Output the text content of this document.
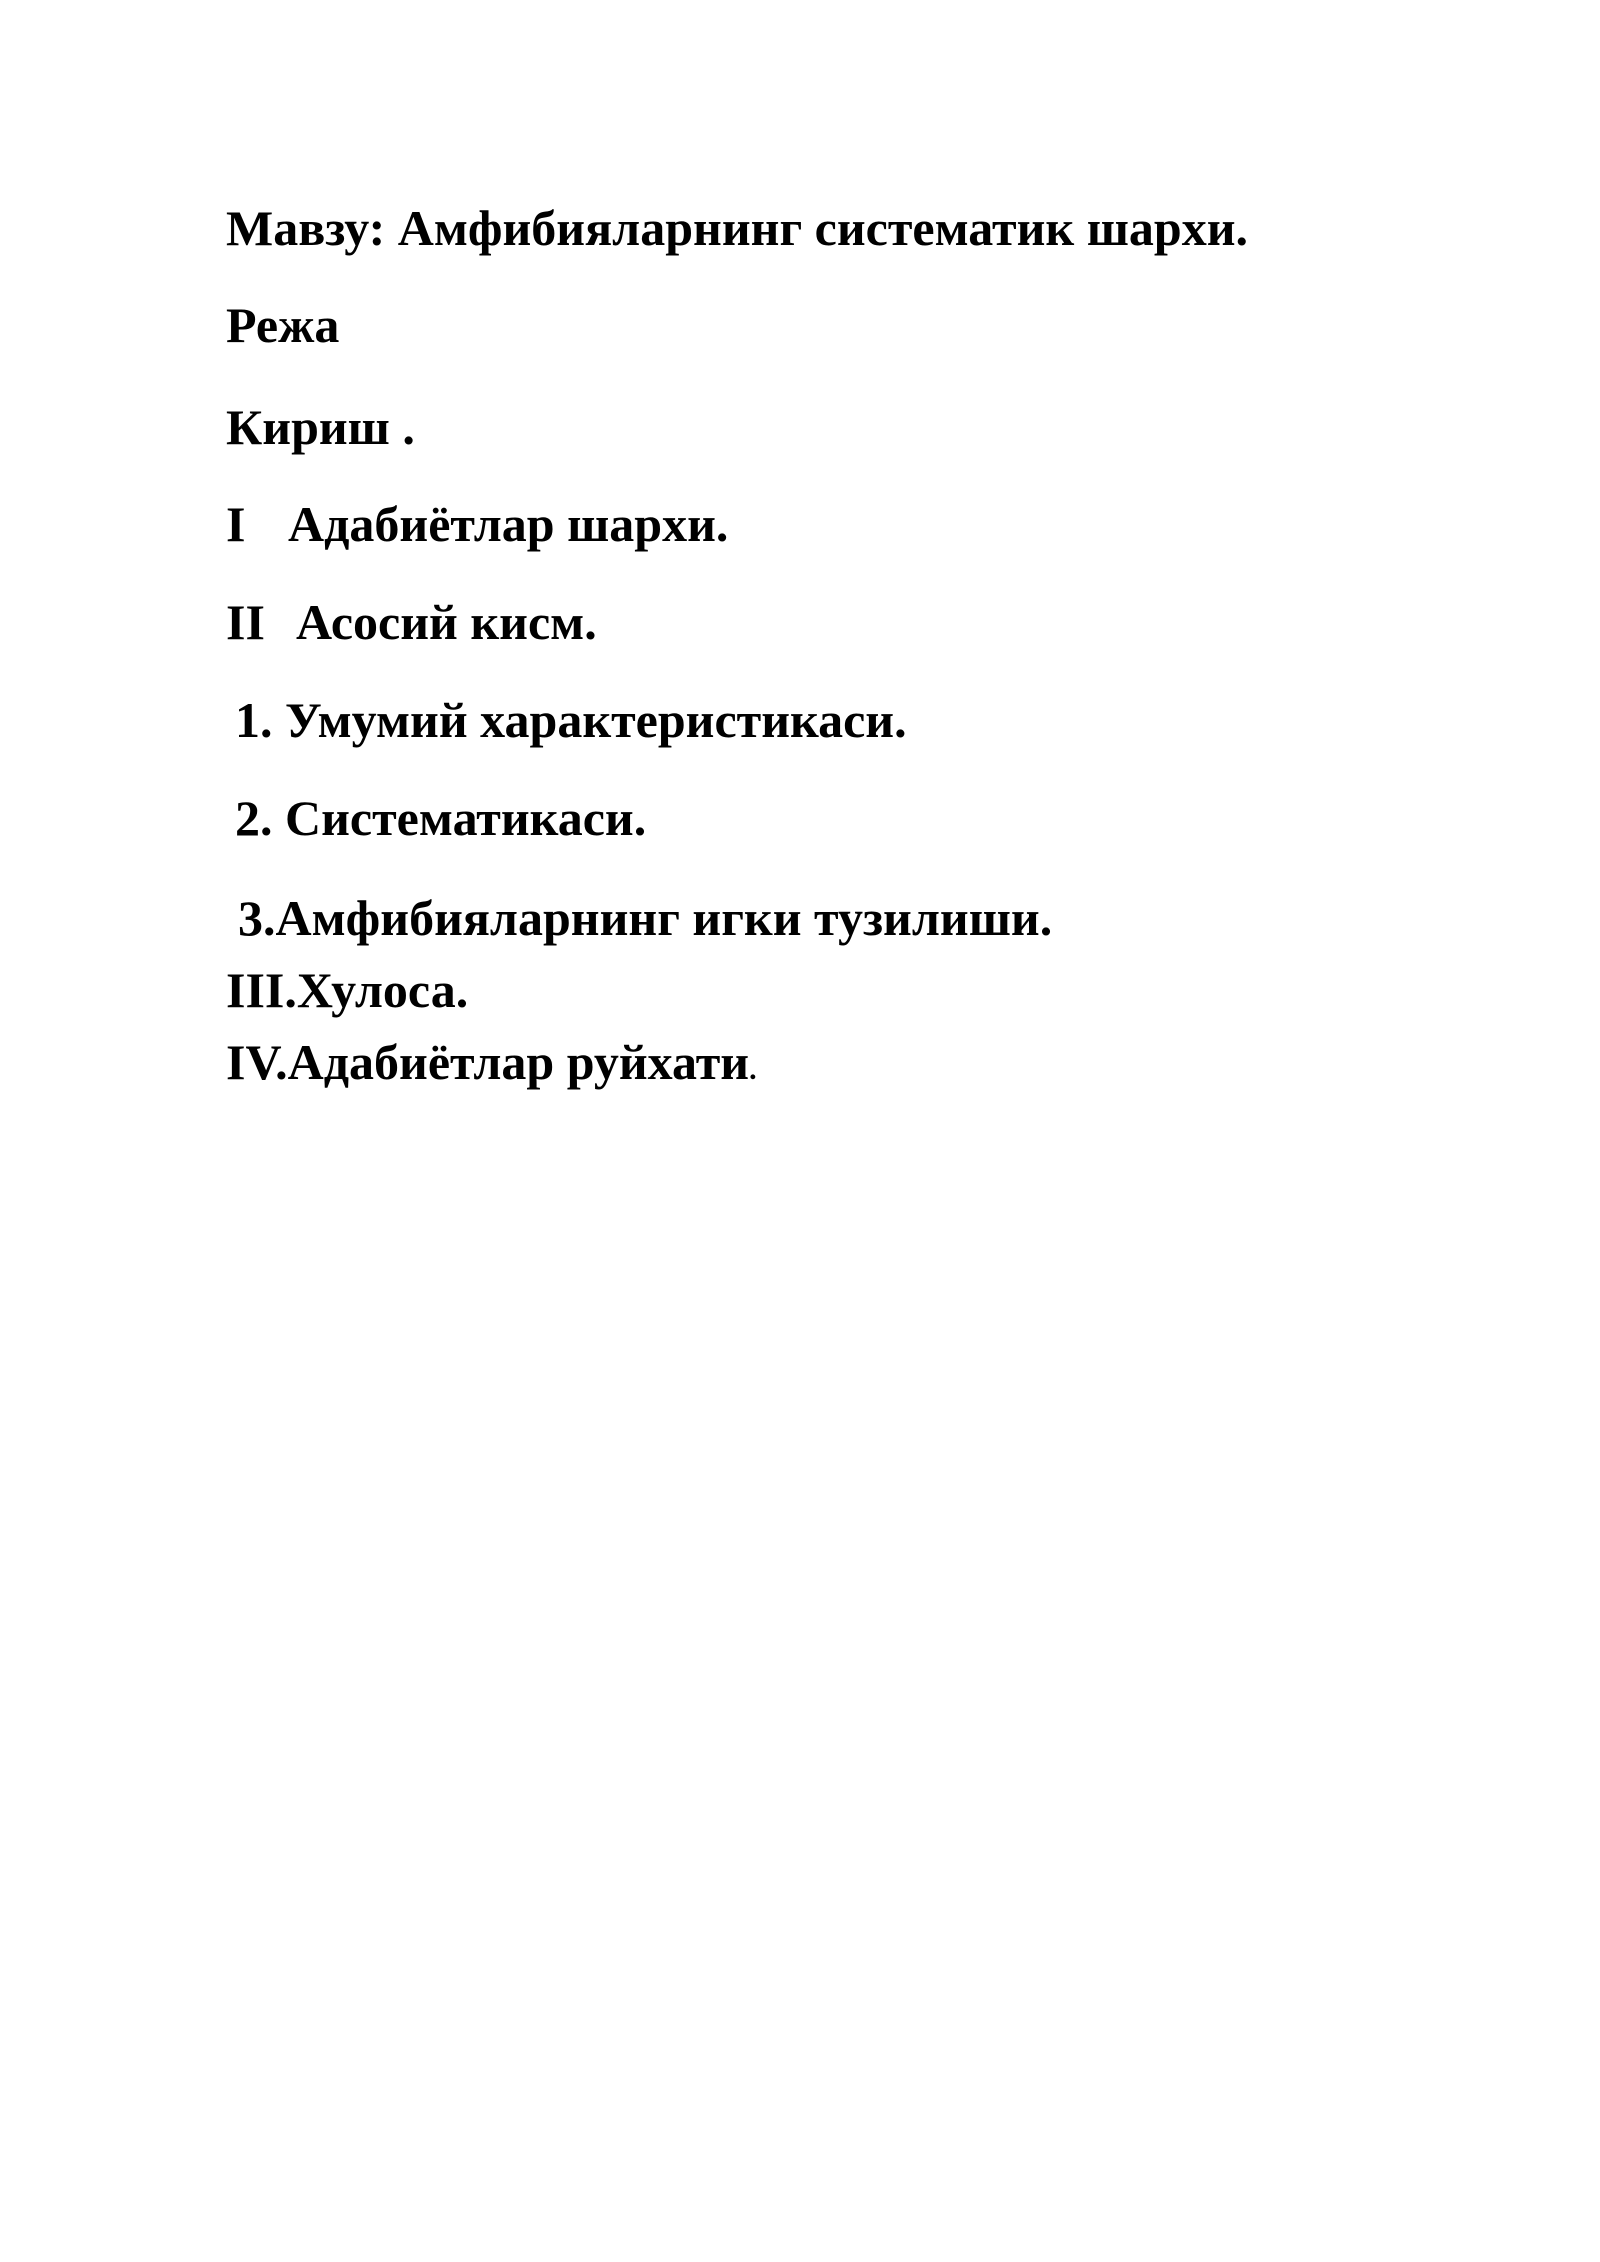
Мавзу: Амфибияларнинг систематик шархи.

Режа

Кириш .

I Адабиётлар шархи.

II Асосий кисм.

1. Умумий характеристикаси.

2. Систематикаси.

3.Амфибияларнинг игки тузилиши.

III.Хулоса.

IV.Адабиётлар руйхати.
